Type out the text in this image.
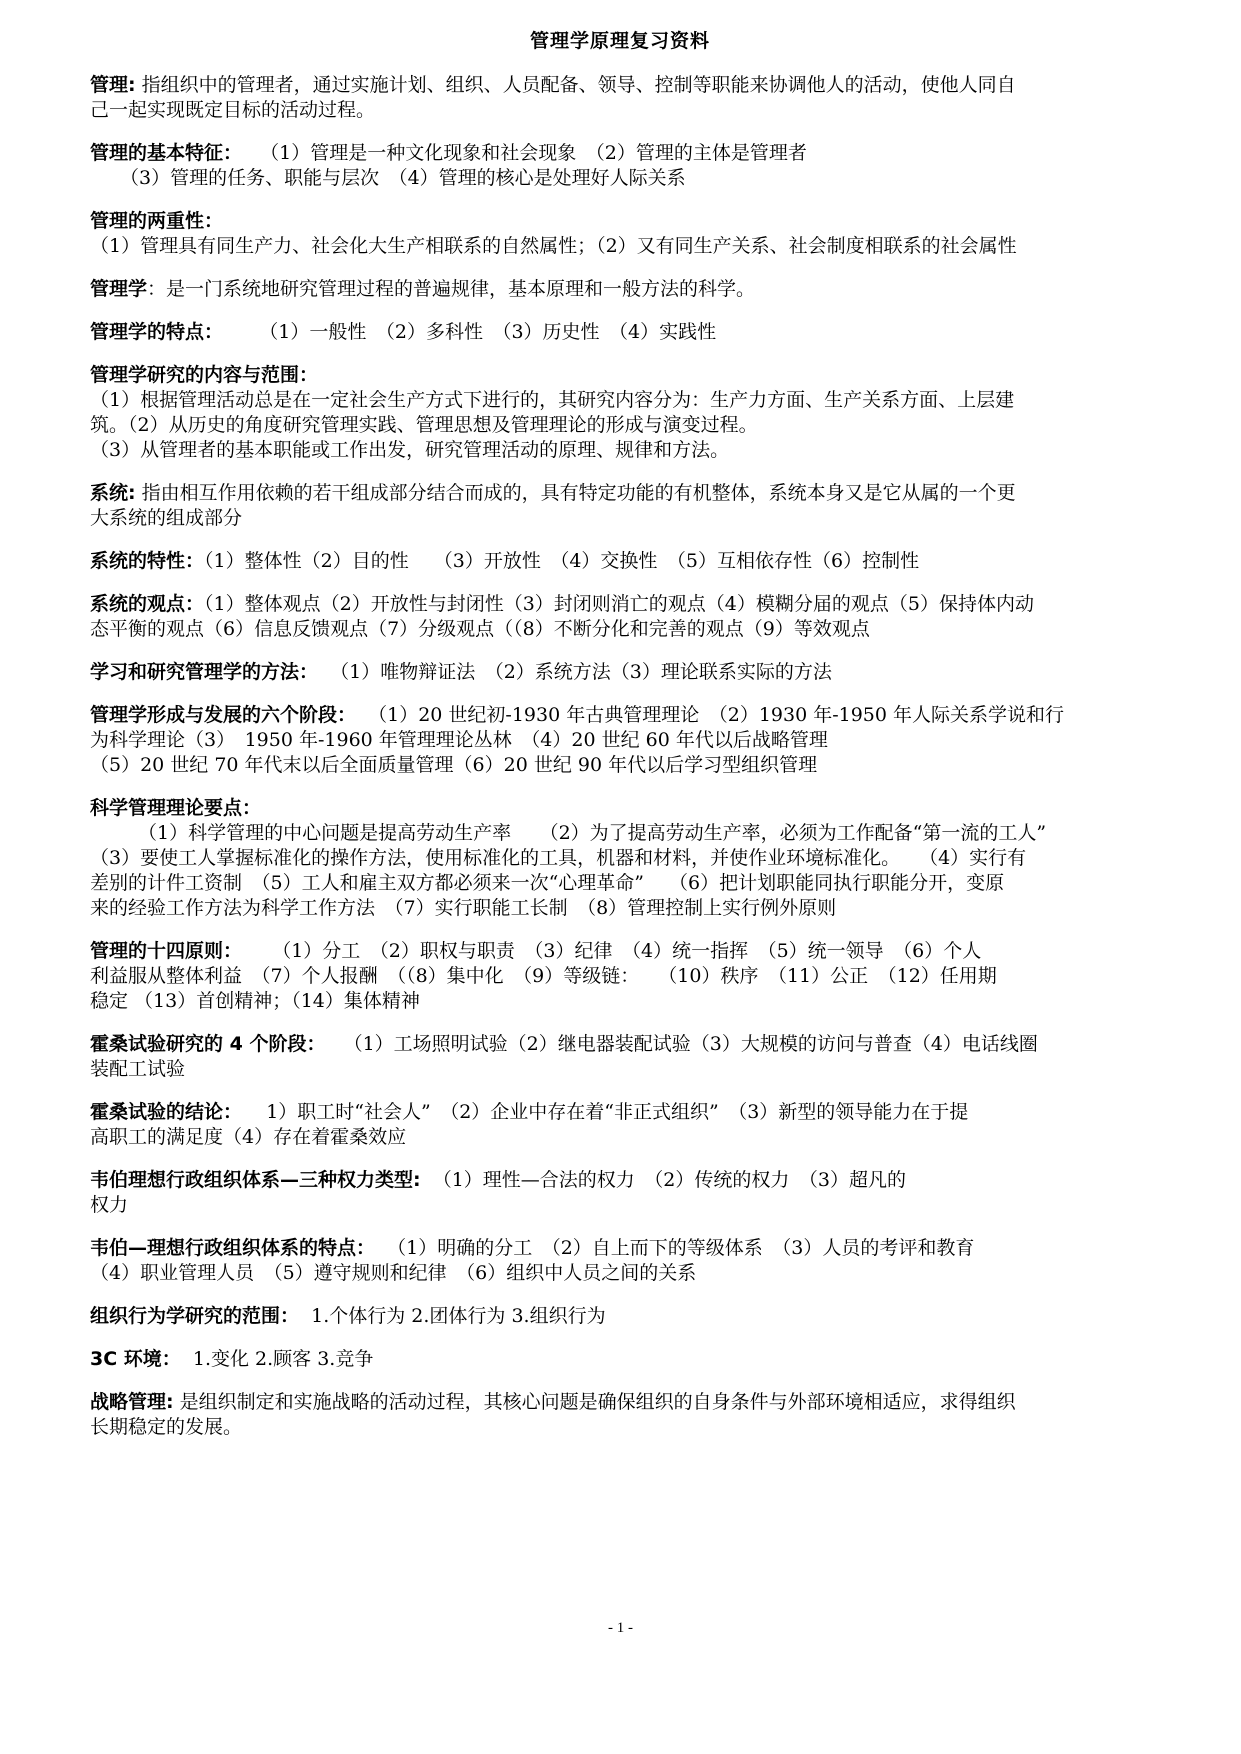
管理学原理复习资料

管理: 指组织中的管理者，通过实施计划、组织、人员配备、领导、控制等职能来协调他人的活动，使他人同自

己一起实现既定目标的活动过程。

管理的基本特征： （1）管理是一种文化现象和社会现象　（2）管理的主体是管理者

（3）管理的任务、职能与层次　（4）管理的核心是处理好人际关系

管理的两重性：

（1）管理具有同生产力、社会化大生产相联系的自然属性；（2）又有同生产关系、社会制度相联系的社会属性

管理学：是一门系统地研究管理过程的普遍规律，基本原理和一般方法的科学。

管理学的特点： （1）一般性　（2）多科性　（3）历史性　（4）实践性

管理学研究的内容与范围：

（1）根据管理活动总是在一定社会生产方式下进行的，其研究内容分为：生产力方面、生产关系方面、上层建

筑。（2）从历史的角度研究管理实践、管理思想及管理理论的形成与演变过程。

（3）从管理者的基本职能或工作出发，研究管理活动的原理、规律和方法。

系统: 指由相互作用依赖的若干组成部分结合而成的，具有特定功能的有机整体，系统本身又是它从属的一个更

大系统的组成部分

系统的特性：（1）整体性（2）目的性　 （3）开放性　（4）交换性　（5）互相依存性（6）控制性

系统的观点：（1）整体观点（2）开放性与封闭性（3）封闭则消亡的观点（4）模糊分届的观点（5）保持体内动

态平衡的观点（6）信息反馈观点（7）分级观点（（8）不断分化和完善的观点（9）等效观点

学习和研究管理学的方法： （1）唯物辩证法　（2）系统方法（3）理论联系实际的方法

管理学形成与发展的六个阶段： （1）20 世纪初-1930 年古典管理理论　（2）1930 年-1950 年人际关系学说和行

为科学理论（3）　1950 年-1960 年管理理论丛林　（4）20 世纪 60 年代以后战略管理

（5）20 世纪 70 年代末以后全面质量管理（6）20 世纪 90 年代以后学习型组织管理

科学管理理论要点：

（1）科学管理的中心问题是提高劳动生产率　　（2）为了提高劳动生产率，必须为工作配备“第一流的工人”

（3）要使工人掌握标准化的操作方法，使用标准化的工具，机器和材料，并使作业环境标准化。　　（4）实行有

差别的计件工资制　（5）工人和雇主双方都必须来一次“心理革命”　 （6）把计划职能同执行职能分开，变原

来的经验工作方法为科学工作方法　（7）实行职能工长制　（8）管理控制上实行例外原则

管理的十四原则： （1）分工　（2）职权与职责　（3）纪律　（4）统一指挥　（5）统一领导　（6）个人

利益服从整体利益　（7）个人报酬　（（8）集中化　（9）等级链：　　（10）秩序　（11）公正　（12）任用期

稳定 （13）首创精神；（14）集体精神

霍桑试验研究的 4 个阶段： （1）工场照明试验（2）继电器装配试验（3）大规模的访问与普查（4）电话线圈

装配工试验

霍桑试验的结论： 1）职工时“社会人”　（2）企业中存在着“非正式组织”　（3）新型的领导能力在于提

高职工的满足度（4）存在着霍桑效应

韦伯理想行政组织体系—三种权力类型: （1）理性—合法的权力　（2）传统的权力　（3）超凡的

权力

韦伯—理想行政组织体系的特点： （1）明确的分工　（2）自上而下的等级体系　（3）人员的考评和教育

（4）职业管理人员　（5）遵守规则和纪律　（6）组织中人员之间的关系

组织行为学研究的范围： 1.个体行为 2.团体行为 3.组织行为

3C 环境： 1.变化 2.顾客 3.竞争

战略管理: 是组织制定和实施战略的活动过程，其核心问题是确保组织的自身条件与外部环境相适应，求得组织

长期稳定的发展。

- 1 -
